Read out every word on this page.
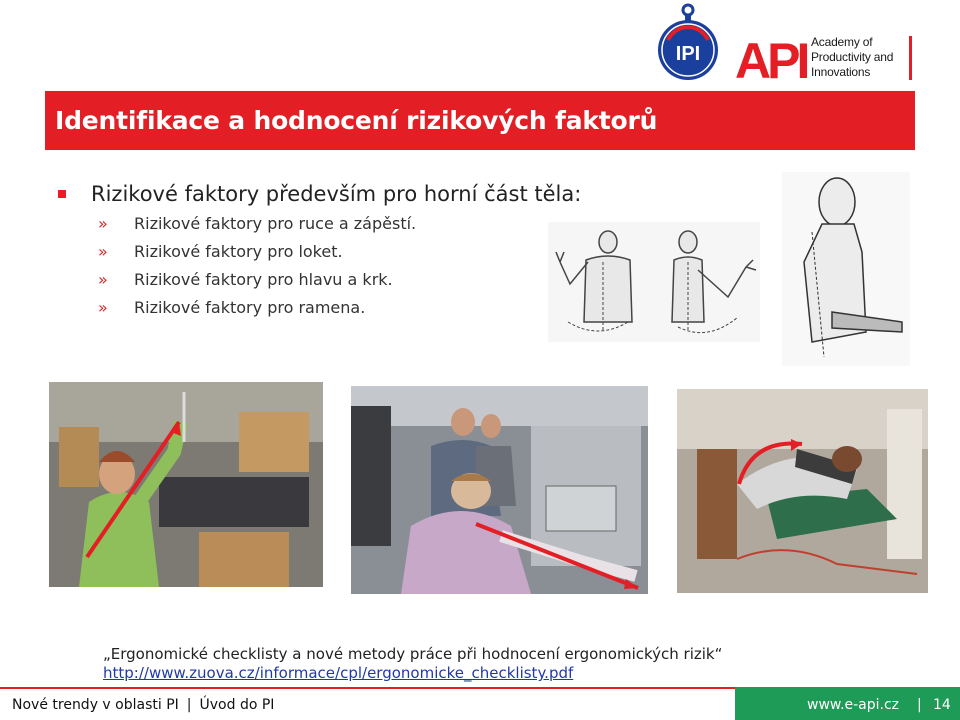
IPI API Academy of
Productivity and
Innovations
Identifikace a hodnocení rizikových faktorů
Rizikové faktory především pro horní část těla:
» Rizikové faktory pro ruce a zápěstí.
» Rizikové faktory pro loket.
» Rizikové faktory pro hlavu a krk.
» Rizikové faktory pro ramena.
„Ergonomické checklisty a nové metody práce při hodnocení ergonomických rizik“
http://www.zuova.cz/informace/cpl/ergonomicke_checklisty.pdf
Nové trendy v oblasti PI | Úvod do PI	www.e-api.cz | 14
